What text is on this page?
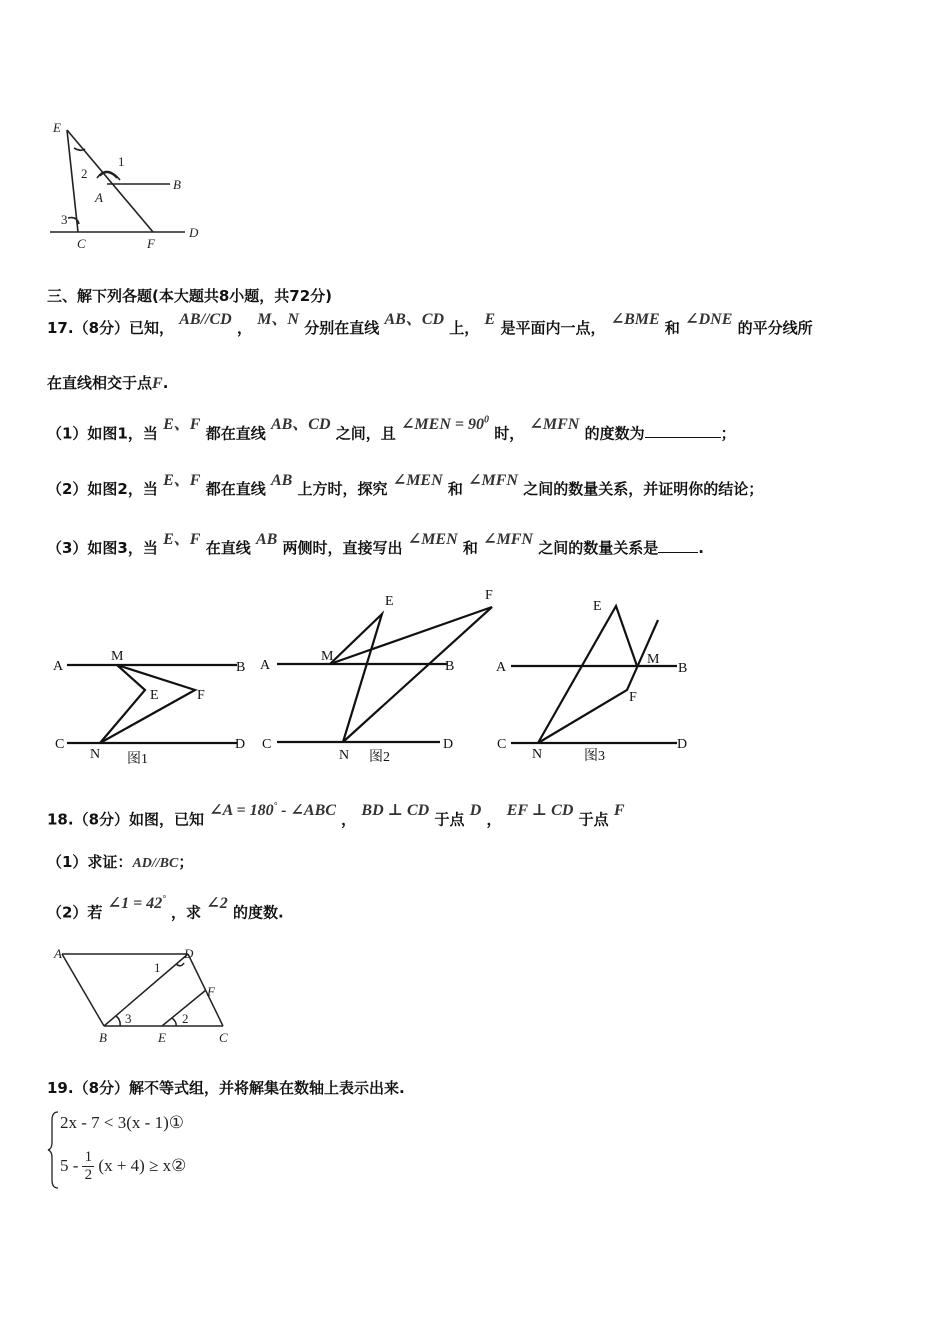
E
1
2
3
A
B
C	F
D
三、解下列各题(本大题共8小题，共72分)
17.（8分）已知， AB//CD ， M、N 分别在直线 AB、CD 上， E 是平面内一点， ∠BME 和 ∠DNE 的平分线所
在直线相交于点F.
（1）如图1，当 E、F 都在直线 AB、CD 之间，且 ∠MEN = $90^0$ 时， ∠MFN 的度数为	；
（2）如图2，当 E、F 都在直线 AB 上方时，探究 ∠MEN 和 ∠MFN 之间的数量关系，并证明你的结论；
（3）如图3，当 E、F 在直线 AB 两侧时，直接写出 ∠MEN 和 ∠MFN 之间的数量关系是	.
A
M
B
E	F
C
N
D
图1
A
M
B
E	F
C
N
D
图2
A
M
B
E
F
C
N
D
图3
18.（8分）如图，已知 ∠A = 180° - ∠ABC ， BD ⊥ CD 于点 D ， EF ⊥ CD 于点 F
（1）求证：AD//BC；
（2）若 ∠1 = 42° ，求 ∠2 的度数.
A	D
1
F
3	2
B	E	C
19.（8分）解不等式组，并将解集在数轴上表示出来.
2x - 7 < 3(x - 1)①
5 - 1
2 (x + 4) ≥ x②
